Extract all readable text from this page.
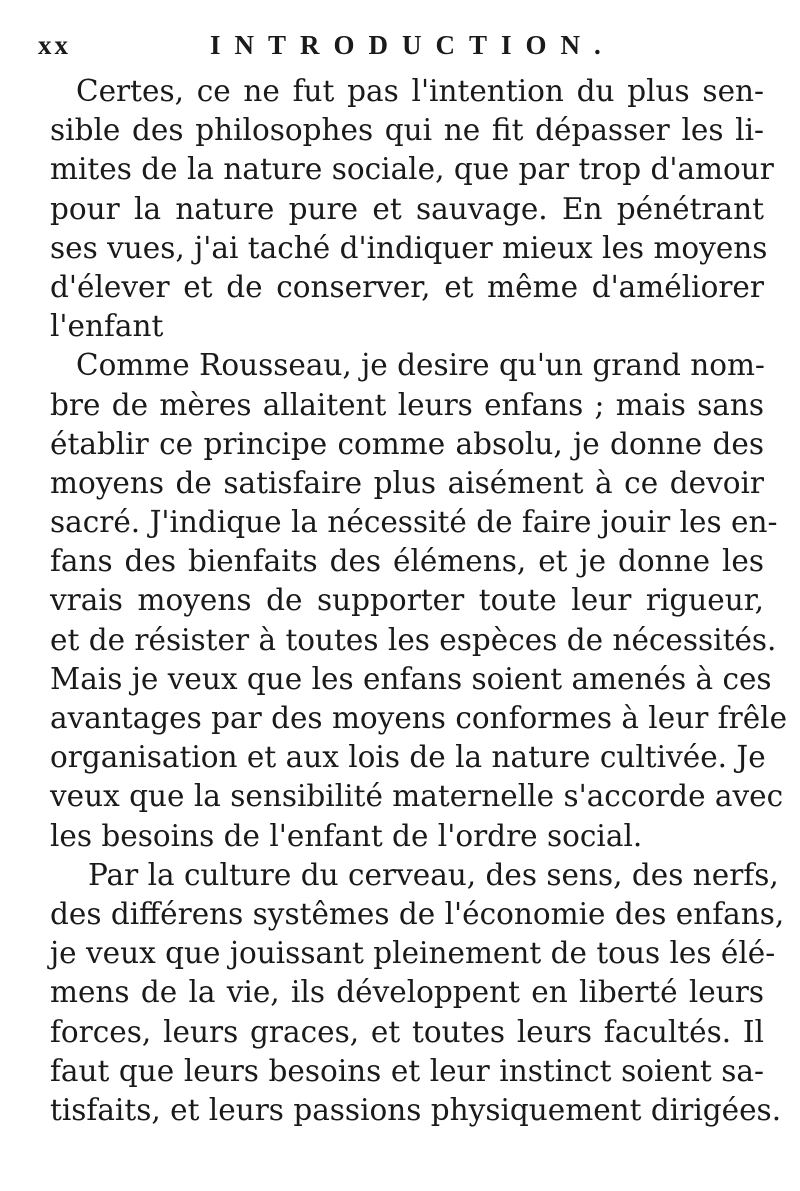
xx	INTRODUCTION.
Certes, ce ne fut pas l'intention du plus sen-
sible des philosophes qui ne fit dépasser les li-
mites de la nature sociale, que par trop d'amour
pour la nature pure et sauvage. En pénétrant
ses vues, j'ai taché d'indiquer mieux les moyens
d'élever et de conserver, et même d'améliorer
l'enfant
Comme Rousseau, je desire qu'un grand nom-
bre de mères allaitent leurs enfans ; mais sans
établir ce principe comme absolu, je donne des
moyens de satisfaire plus aisément à ce devoir
sacré. J'indique la nécessité de faire jouir les en-
fans des bienfaits des élémens, et je donne les
vrais moyens de supporter toute leur rigueur,
et de résister à toutes les espèces de nécessités.
Mais je veux que les enfans soient amenés à ces
avantages par des moyens conformes à leur frêle
organisation et aux lois de la nature cultivée. Je
veux que la sensibilité maternelle s'accorde avec
les besoins de l'enfant de l'ordre social.
Par la culture du cerveau, des sens, des nerfs,
des différens systêmes de l'économie des enfans,
je veux que jouissant pleinement de tous les élé-
mens de la vie, ils développent en liberté leurs
forces, leurs graces, et toutes leurs facultés. Il
faut que leurs besoins et leur instinct soient sa-
tisfaits, et leurs passions physiquement dirigées.
